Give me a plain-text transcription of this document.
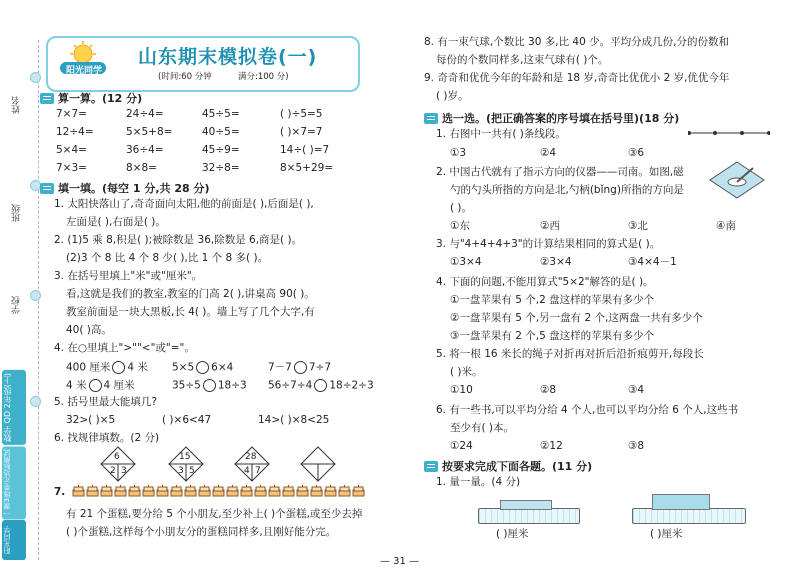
姓名
班级
学校
数学 QD 2年级(上)
一课3练单元达标测试
阳光同学
阳光同学
山东期末模拟卷(一)
(时间:60 分钟	满分:100 分)
算一算。(12 分)
7×7=	24÷4=	45÷5=	( )÷5=5
12÷4=	5×5+8=	40÷5=	( )×7=7
5×4=	36÷4=	45÷9=	14÷( )=7
7×3=	8×8=	32÷8=	8×5+29=
填一填。(每空 1 分,共 28 分)
1. 太阳快落山了,奇奇面向太阳,他的前面是( ),后面是( ),
左面是( ),右面是( )。
2. (1)5 乘 8,积是( );被除数是 36,除数是 6,商是( )。
(2)3 个 8 比 4 个 8 少( ),比 1 个 8 多( )。
3. 在括号里填上"米"或"厘米"。
看,这就是我们的教室,教室的门高 2( ),讲桌高 90( )。
教室前面是一块大黑板,长 4( )。墙上写了几个大字,有
40( )高。
4. 在○里填上">""<"或"="。
400 厘米 4 米 5×5 6×4	7－7 7÷7
4 米 4 厘米	35÷5 18÷3 56÷7÷4 18÷2÷3
5. 括号里最大能填几?
32>( )×5	( )×6<47	14>( )×8<25
6. 找规律填数。(2 分)
6
2 3
15
3 5
28
4 7
7.
有 21 个蛋糕,要分给 5 个小朋友,至少补上( )个蛋糕,或至少去掉
( )个蛋糕,这样每个小朋友分的蛋糕同样多,且刚好能分完。
8. 有一束气球,个数比 30 多,比 40 少。平均分成几份,分的份数和
每份的个数同样多,这束气球有( )个。
9. 奇奇和优优今年的年龄和是 18 岁,奇奇比优优小 2 岁,优优今年
( )岁。
选一选。(把正确答案的序号填在括号里)(18 分)
1. 右图中一共有( )条线段。
①3	②4	③6
2. 中国古代就有了指示方向的仪器——司南。如图,磁
勺的勺头所指的方向是北,勺柄(bǐng)所指的方向是
( )。
①东	②西	③北	④南
3. 与"4+4+4+3"的计算结果相同的算式是( )。
①3×4	②3×4	③4×4－1
4. 下面的问题,不能用算式"5×2"解答的是( )。
①一盘苹果有 5 个,2 盘这样的苹果有多少个
②一盘苹果有 5 个,另一盘有 2 个,这两盘一共有多少个
③一盘苹果有 2 个,5 盘这样的苹果有多少个
5. 将一根 16 米长的绳子对折再对折后沿折痕剪开,每段长
( )米。
①10	②8	③4
6. 有一些书,可以平均分给 4 个人,也可以平均分给 6 个人,这些书
至少有( )本。
①24	②12	③8
按要求完成下面各题。(11 分)
1. 量一量。(4 分)
( )厘米	( )厘米
— 31 —
